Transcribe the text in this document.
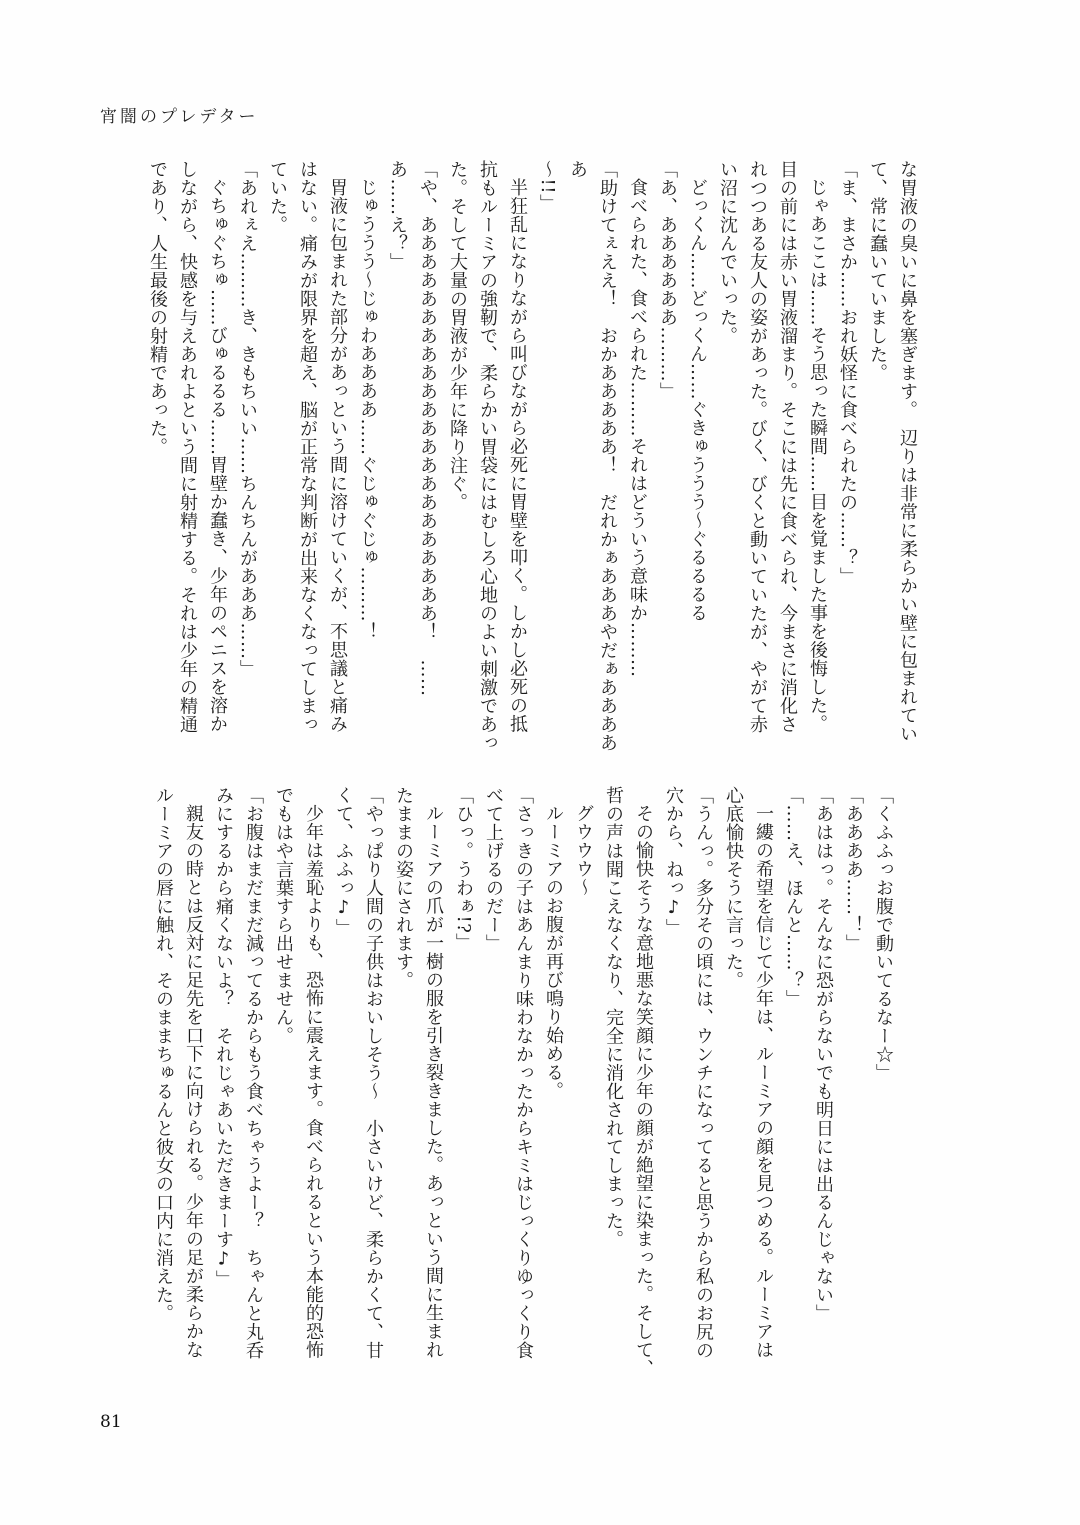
宵闇のプレデター

な胃液の臭いに鼻を塞ぎます。　辺りは非常に柔らかい壁に包まれてい

て、常に蠢いていました。

「ま、まさか……おれ妖怪に食べられたの……？」

じゃあここは……そう思った瞬間……目を覚ました事を後悔した。

目の前には赤い胃液溜まり。そこには先に食べられ、今まさに消化さ

れつつある友人の姿があった。びく、びくと動いていたが、やがて赤

い沼に沈んでいった。

どっくん……どっくん……ぐきゅううう～ぐるるるる

「あ、ああああああ………」

食べられた、食べられた………それはどういう意味か………

「助けてぇええ！　おかあああああ！　だれかぁあああやだぁあああああ

～!!」

半狂乱になりながら叫びながら必死に胃壁を叩く。しかし必死の抵

抗もルーミアの強靭で、柔らかい胃袋にはむしろ心地のよい刺激であっ

た。そして大量の胃液が少年に降り注ぐ。

「や、ああああああああああああああああああああああ！　……

あ……え？」

じゅううう～じゅわああああ……ぐじゅぐじゅ………！

胃液に包まれた部分があっという間に溶けていくが、不思議と痛み

はない。痛みが限界を超え、脳が正常な判断が出来なくなってしまっ

ていた。

「あれぇえ………き、きもちいい……ちんちんがあああ……」

ぐちゅぐちゅ……びゅるるる……胃壁か蠢き、少年のペニスを溶か

しながら、快感を与えあれよという間に射精する。それは少年の精通

であり、人生最後の射精であった。

「くふふっお腹で動いてるなー☆」

「ああああ……！」

「あははっ。そんなに恐がらないでも明日には出るんじゃない」

「……え、ほんと……？」

一縷の希望を信じて少年は、ルーミアの顔を見つめる。ルーミアは

心底愉快そうに言った。

「うんっ。多分その頃には、ウンチになってると思うから私のお尻の

穴から、ねっ♪」

その愉快そうな意地悪な笑顔に少年の顔が絶望に染まった。そして、

哲の声は聞こえなくなり、完全に消化されてしまった。

グウウウ～

ルーミアのお腹が再び鳴り始める。

「さっきの子はあんまり味わなかったからキミはじっくりゆっくり食

べて上げるのだー」

「ひっ。うわぁ!?」

ルーミアの爪が一樹の服を引き裂きました。あっという間に生まれ

たままの姿にされます。

「やっぱり人間の子供はおいしそう～　小さいけど、柔らかくて、甘

くて、ふふっ♪」

少年は羞恥よりも、恐怖に震えます。食べられるという本能的恐怖

でもはや言葉すら出せません。

「お腹はまだまだ減ってるからもう食べちゃうよー？　ちゃんと丸呑

みにするから痛くないよ？　それじゃあいただきまーす♪」

親友の時とは反対に足先を口下に向けられる。少年の足が柔らかな

ルーミアの唇に触れ、そのままちゅるんと彼女の口内に消えた。

81
